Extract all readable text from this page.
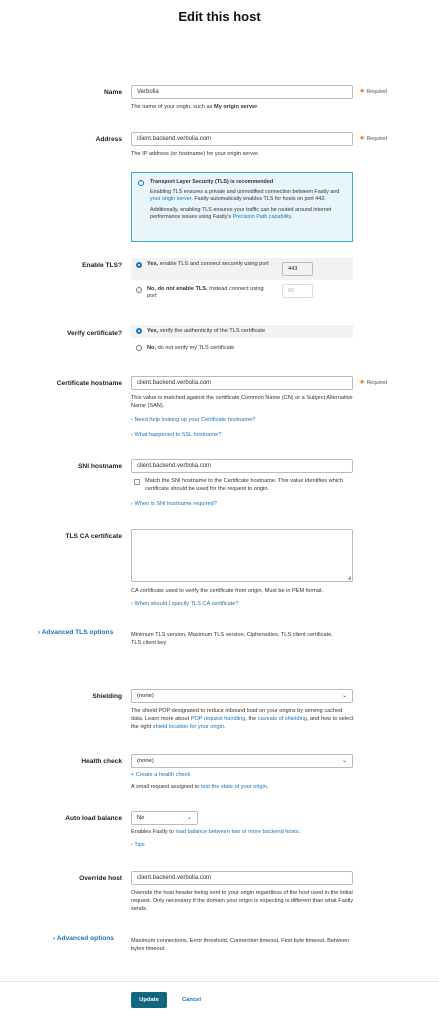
Edit this host
Name	Verbolia	★ Required
The name of your origin, such as My origin server.
Address	client.backend.verbolia.com	★ Required
The IP address (or hostname) for your origin server.
Transport Layer Security (TLS) is recommended
Enabling TLS ensures a private and unmodified connection between Fastly and your origin server. Fastly automatically enables TLS for hosts on port 443.
Additionally, enabling TLS ensures your traffic can be routed around internet performance issues using Fastly's Precision Path capability.
Enable TLS?	Yes, enable TLS and connect securely using port
443
No, do not enable TLS. Instead connect using port
80
Verify certificate?	Yes, verify the authenticity of the TLS certificate
No, do not verify my TLS certificate
Certificate hostname	client.backend.verbolia.com	★ Required
This value is matched against the certificate Common Name (CN) or a Subject Alternative Name (SAN).
› Need help looking up your Certificate hostname?
› What happened to SSL hostname?
SNI hostname	client.backend.verbolia.com
Match the SNI hostname to the Certificate hostname. This value identifies which certificate should be used for the request to origin.
› When is SNI hostname required?
TLS CA certificate
◢
CA certificate used to verify the certificate from origin. Must be in PEM format.
› When should I specify TLS CA certificate?
› Advanced TLS options	Minimum TLS version, Maximum TLS version, Ciphersuites, TLS client certificate, TLS client key
Shielding	(none)	⌄
The shield POP designated to reduce inbound load on your origins by serving cached data. Learn more about POP request handling, the caveats of shielding, and how to select the right shield location for your origin.
Health check	(none)	⌄
+ Create a health check
A small request assigned to test the state of your origin.
Auto load balance	No	⌄
Enables Fastly to load balance between two or more backend hosts.
› Tips
Override host	client.backend.verbolia.com
Override the host header being sent to your origin regardless of the host used in the initial request. Only necessary if the domain your origin is expecting is different than what Fastly sends.
› Advanced options	Maximum connections, Error threshold, Connection timeout, First byte timeout, Between bytes timeout
Update	Cancel
